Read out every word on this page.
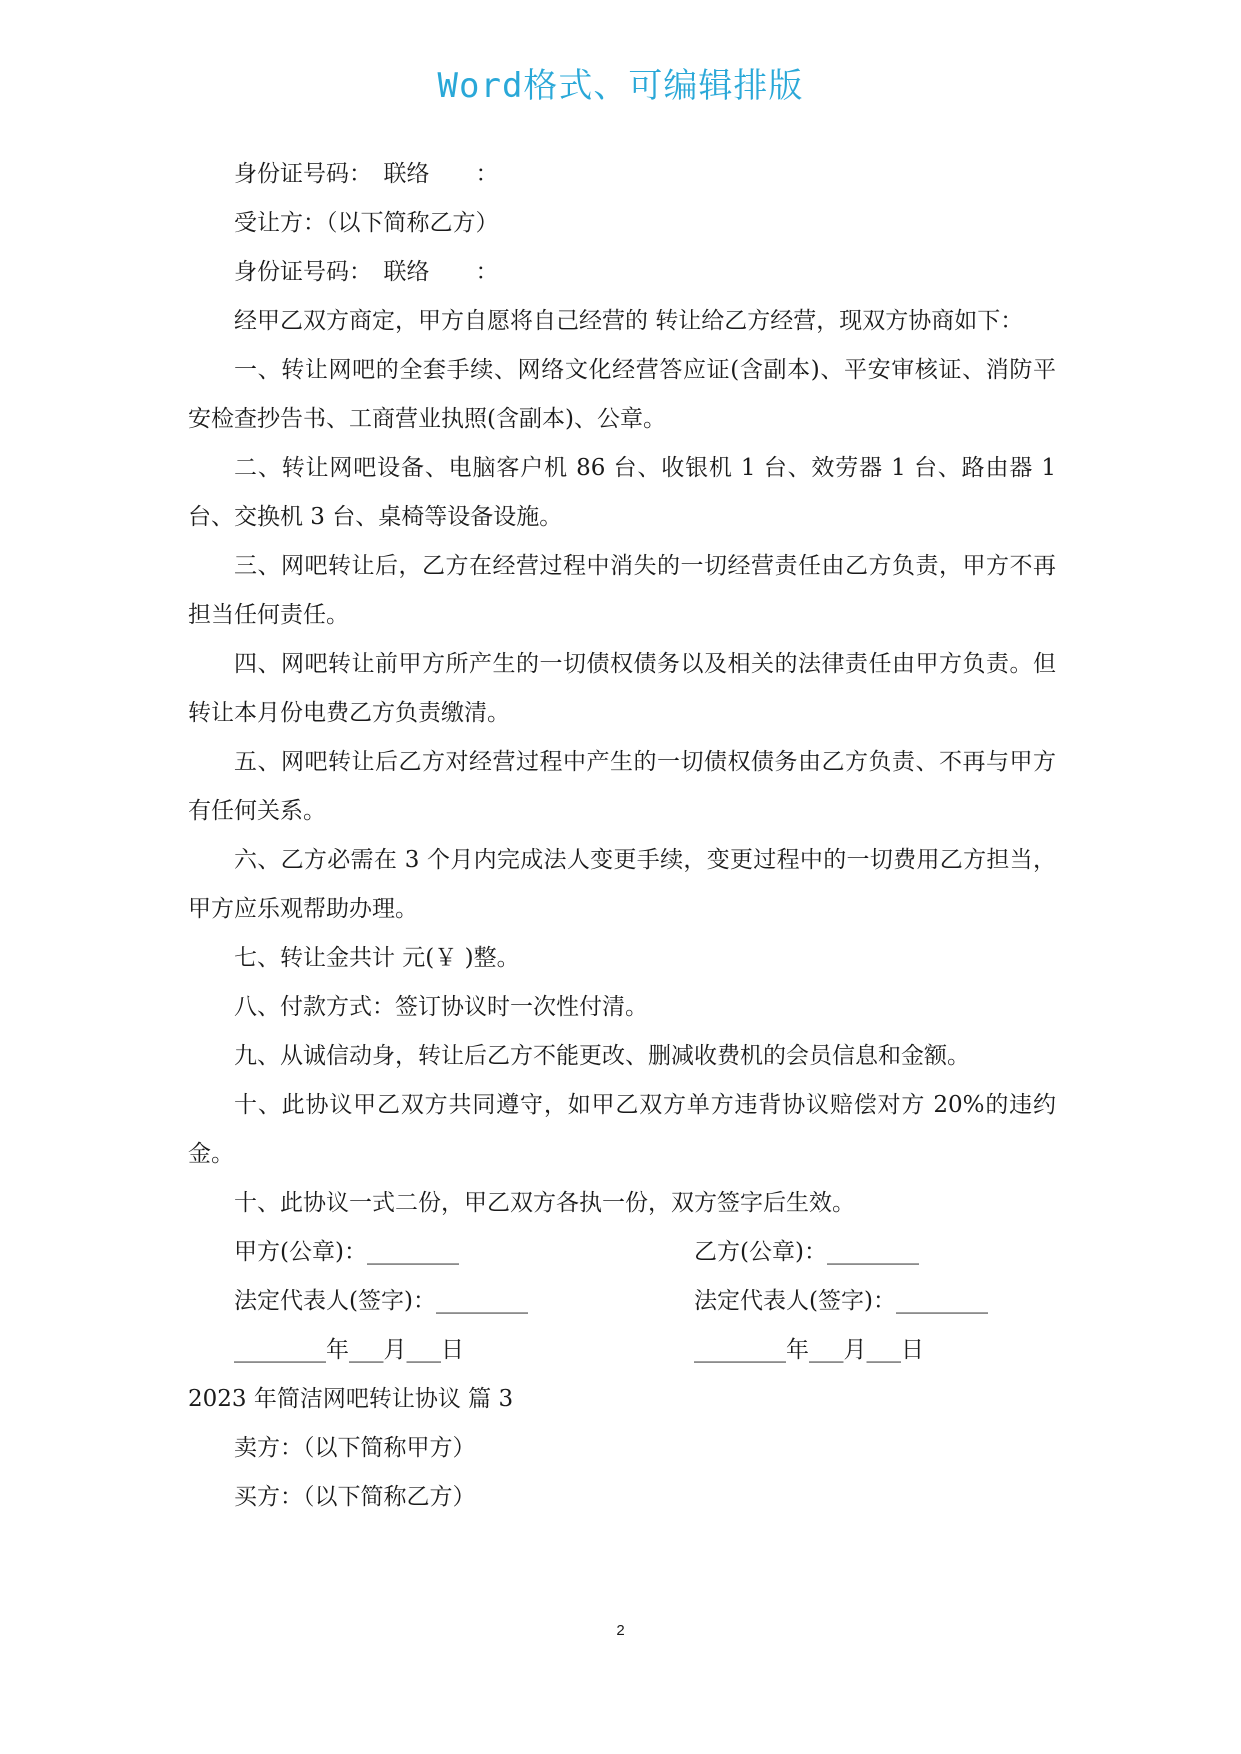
Word格式、可编辑排版

身份证号码：　联络　　：

受让方：（以下简称乙方）

身份证号码：　联络　　：

经甲乙双方商定，甲方自愿将自己经营的 转让给乙方经营，现双方协商如下：

一、转让网吧的全套手续、网络文化经营答应证(含副本)、平安审核证、消防平安检查抄告书、工商营业执照(含副本)、公章。

二、转让网吧设备、电脑客户机 86 台、收银机 1 台、效劳器 1 台、路由器 1 台、交换机 3 台、桌椅等设备设施。

三、网吧转让后，乙方在经营过程中消失的一切经营责任由乙方负责，甲方不再担当任何责任。

四、网吧转让前甲方所产生的一切债权债务以及相关的法律责任由甲方负责。但转让本月份电费乙方负责缴清。

五、网吧转让后乙方对经营过程中产生的一切债权债务由乙方负责、不再与甲方有任何关系。

六、乙方必需在 3 个月内完成法人变更手续，变更过程中的一切费用乙方担当，甲方应乐观帮助办理。

七、转让金共计 元(￥ )整。

八、付款方式：签订协议时一次性付清。

九、从诚信动身，转让后乙方不能更改、删减收费机的会员信息和金额。

十、此协议甲乙双方共同遵守，如甲乙双方单方违背协议赔偿对方 20%的违约金。

十、此协议一式二份，甲乙双方各执一份，双方签字后生效。

甲方(公章)：________	乙方(公章)：________
法定代表人(签字)：________	法定代表人(签字)：________
________年___月___日	________年___月___日

2023 年简洁网吧转让协议 篇 3

卖方：（以下简称甲方）

买方：（以下简称乙方）

2
